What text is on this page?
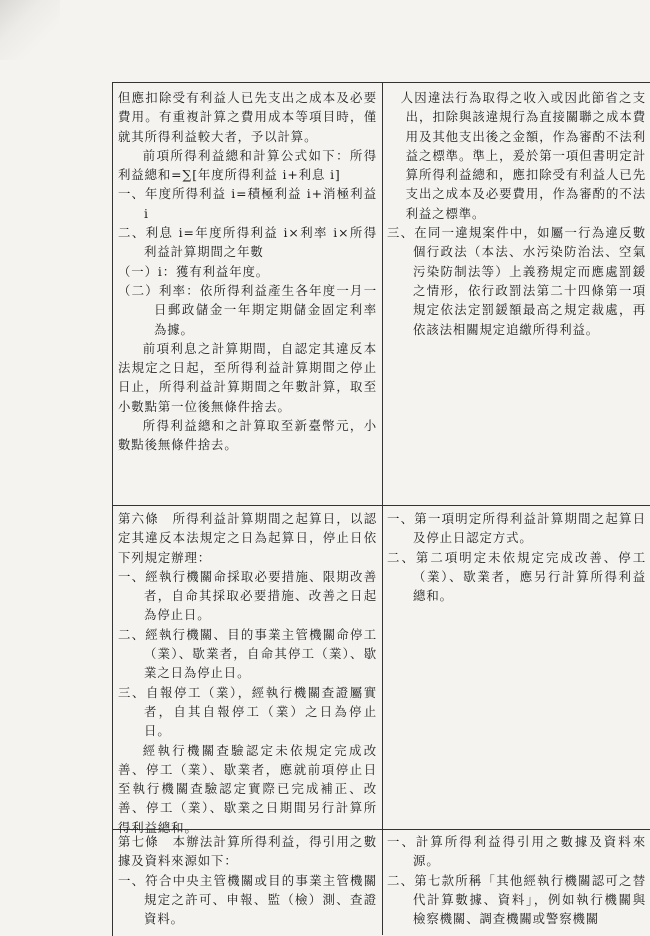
但應扣除受有利益人已先支出之成本及必要費用。有重複計算之費用成本等項目時，僅就其所得利益較大者，予以計算。
前項所得利益總和計算公式如下：所得利益總和=∑[年度所得利益 i+利息 i]
一、年度所得利益 i=積極利益 i+消極利益 i
二、利息 i=年度所得利益 i×利率 i×所得利益計算期間之年數
（一）i：獲有利益年度。
（二）利率：依所得利益產生各年度一月一日郵政儲金一年期定期儲金固定利率為據。
前項利息之計算期間，自認定其違反本法規定之日起，至所得利益計算期間之停止日止，所得利益計算期間之年數計算，取至小數點第一位後無條件捨去。
所得利益總和之計算取至新臺幣元，小數點後無條件捨去。
　人因違法行為取得之收入或因此節省之支出，扣除與該違規行為直接關聯之成本費用及其他支出後之金額，作為審酌不法利益之標準。準上，爰於第一項但書明定計算所得利益總和，應扣除受有利益人已先支出之成本及必要費用，作為審酌的不法利益之標準。
三、在同一違規案件中，如屬一行為違反數個行政法（本法、水污染防治法、空氣污染防制法等）上義務規定而應處罰鍰之情形，依行政罰法第二十四條第一項規定依法定罰鍰額最高之規定裁處，再依該法相關規定追繳所得利益。
第六條　所得利益計算期間之起算日，以認定其違反本法規定之日為起算日，停止日依下列規定辦理：
一、經執行機關命採取必要措施、限期改善者，自命其採取必要措施、改善之日起為停止日。
二、經執行機關、目的事業主管機關命停工（業）、歇業者，自命其停工（業）、歇業之日為停止日。
三、自報停工（業），經執行機關查證屬實者，自其自報停工（業）之日為停止日。
經執行機關查驗認定未依規定完成改善、停工（業）、歇業者，應就前項停止日至執行機關查驗認定實際已完成補正、改善、停工（業）、歇業之日期間另行計算所得利益總和。
一、第一項明定所得利益計算期間之起算日及停止日認定方式。
二、第二項明定未依規定完成改善、停工（業）、歇業者，應另行計算所得利益總和。
第七條　本辦法計算所得利益，得引用之數據及資料來源如下：
一、符合中央主管機關或目的事業主管機關規定之許可、申報、監（檢）測、查證資料。
一、計算所得利益得引用之數據及資料來源。
二、第七款所稱「其他經執行機關認可之替代計算數據、資料」，例如執行機關與檢察機關、調查機關或警察機關
